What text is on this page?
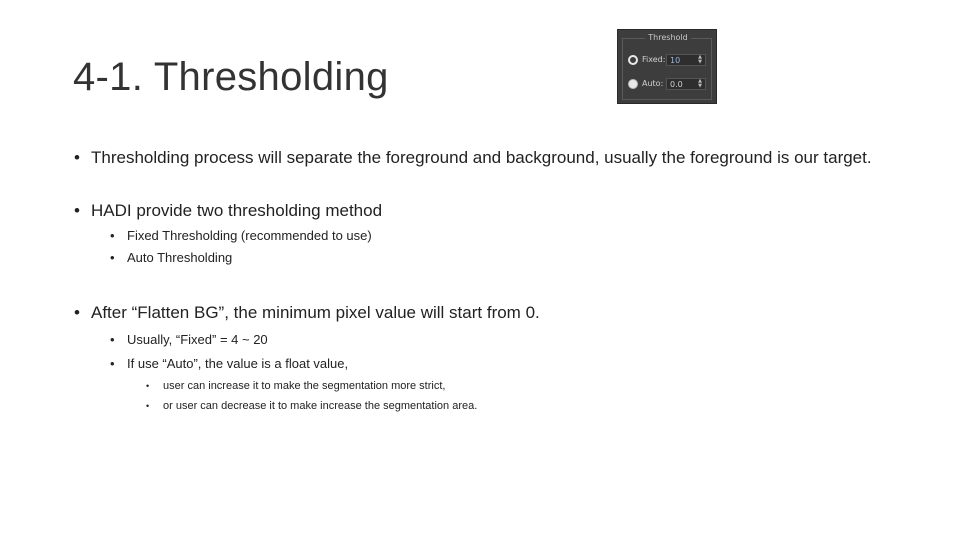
4-1. Thresholding
Threshold
Fixed: 10	▲
▼
Auto: 0.0	▲
▼
• Thresholding process will separate the foreground and background, usually the foreground is our target.
• HADI provide two thresholding method
• Fixed Thresholding (recommended to use)
• Auto Thresholding
• After “Flatten BG”, the minimum pixel value will start from 0.
• Usually, “Fixed” = 4 ~ 20
• If use “Auto”, the value is a float value,
•	user can increase it to make the segmentation more strict,
•	or user can decrease it to make increase the segmentation area.
